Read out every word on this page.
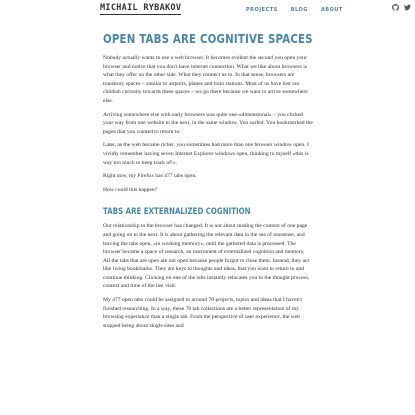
MICHAIL RYBAKOV	PROJECTS	BLOG	ABOUT
OPEN TABS ARE COGNITIVE SPACES

Nobody actually wants to use a web browser. It becomes evident the second you open your browser and notice that you don't have internet connection. What we like about browsers is what they offer on the other side. What they connect us to. In that sense, browsers are transitory spaces – similar to airports, planes and train stations. Most of us have lost our childish curiosity towards these spaces – we go there because we want to arrive somewhere else.

Arriving somewhere else with early browsers was quite one-«dimensional» – you clicked your way from one website to the next, in the same window. You surfed. You bookmarked the pages that you wanted to return to.

Later, as the web became richer, you sometimes had more than one browser window open. I vividly remember having seven Internet Explorer windows open, thinking to myself «this is way too much to keep track of!».

Right now, my Firefox has 477 tabs open.

How could this happen?

TABS ARE EXTERNALIZED COGNITION

Our relationship to the browser has changed. It is not about reading the content of one page and going on to the next. It is about gathering the relevant data in the sea of nonsense, and leaving the tabs open, «in working memory», until the gathered data is processed. The browser became a space of research, an instrument of externalized cognition and memory.

All the tabs that are open are not open because people forgot to close them. Instead, they act like living bookmarks. They are keys to thoughts and ideas, that you want to return to and continue thinking. Clicking on one of the tabs instantly relocates you to the thought process, context and time of the last visit.

My 477 open tabs could be assigned to around 70 projects, topics and ideas that I haven't finished researching. In a way, these 70 tab collections are a better representation of my browsing experience than a single tab. From the perspective of user experience, the web stopped being about single sites and
